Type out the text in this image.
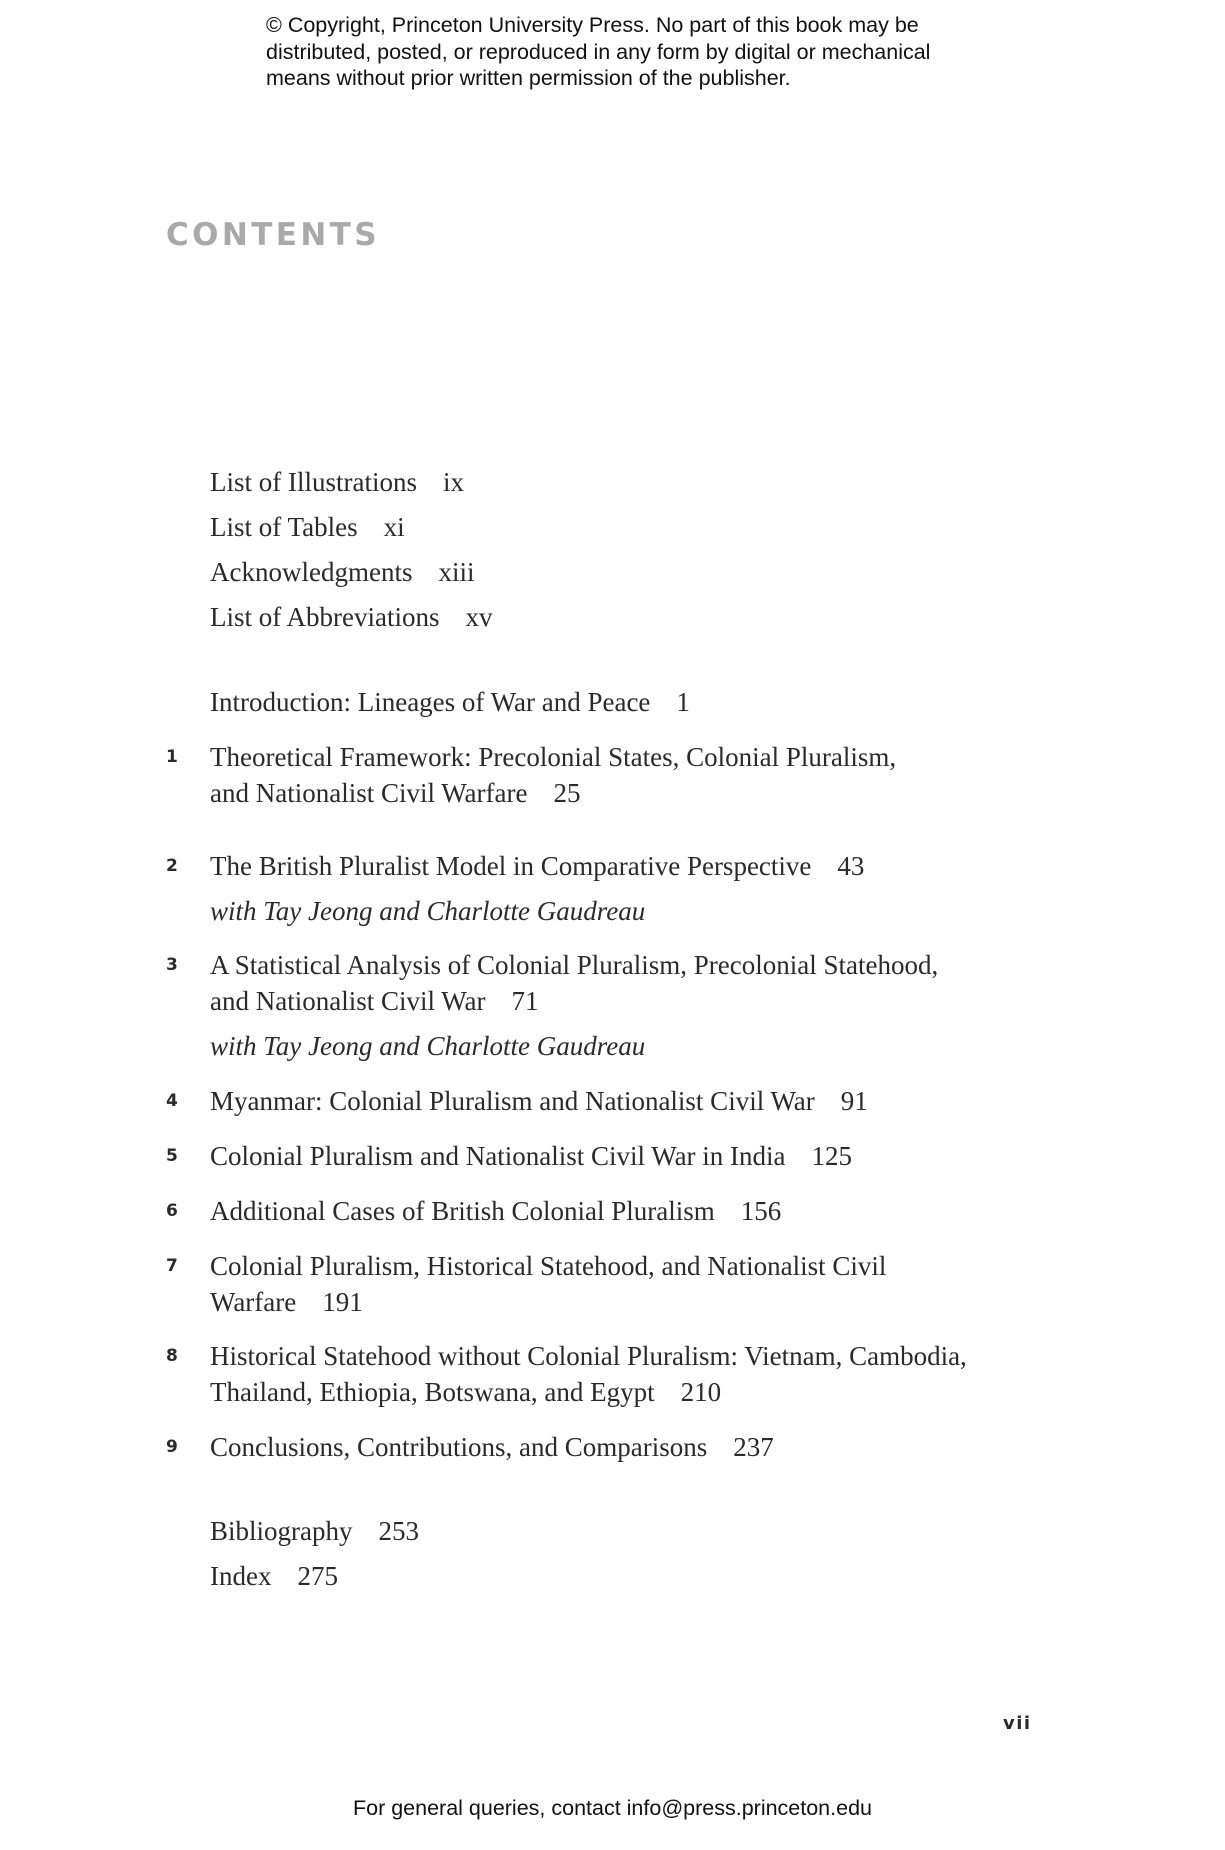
© Copyright, Princeton University Press. No part of this book may be
distributed, posted, or reproduced in any form by digital or mechanical
means without prior written permission of the publisher.
CONTENTS
List of Illustrations ix
List of Tables xi
Acknowledgments xiii
List of Abbreviations xv
Introduction: Lineages of War and Peace 1
1 Theoretical Framework: Precolonial States, Colonial Pluralism,
and Nationalist Civil Warfare 25
2 The British Pluralist Model in Comparative Perspective 43
with Tay Jeong and Charlotte Gaudreau
3 A Statistical Analysis of Colonial Pluralism, Precolonial Statehood,
and Nationalist Civil War 71
with Tay Jeong and Charlotte Gaudreau
4 Myanmar: Colonial Pluralism and Nationalist Civil War 91
5 Colonial Pluralism and Nationalist Civil War in India 125
6 Additional Cases of British Colonial Pluralism 156
7 Colonial Pluralism, Historical Statehood, and Nationalist Civil
Warfare 191
8 Historical Statehood without Colonial Pluralism: Vietnam, Cambodia,
Thailand, Ethiopia, Botswana, and Egypt 210
9 Conclusions, Contributions, and Comparisons 237
Bibliography 253
Index 275
vii
For general queries, contact info@press.princeton.edu
